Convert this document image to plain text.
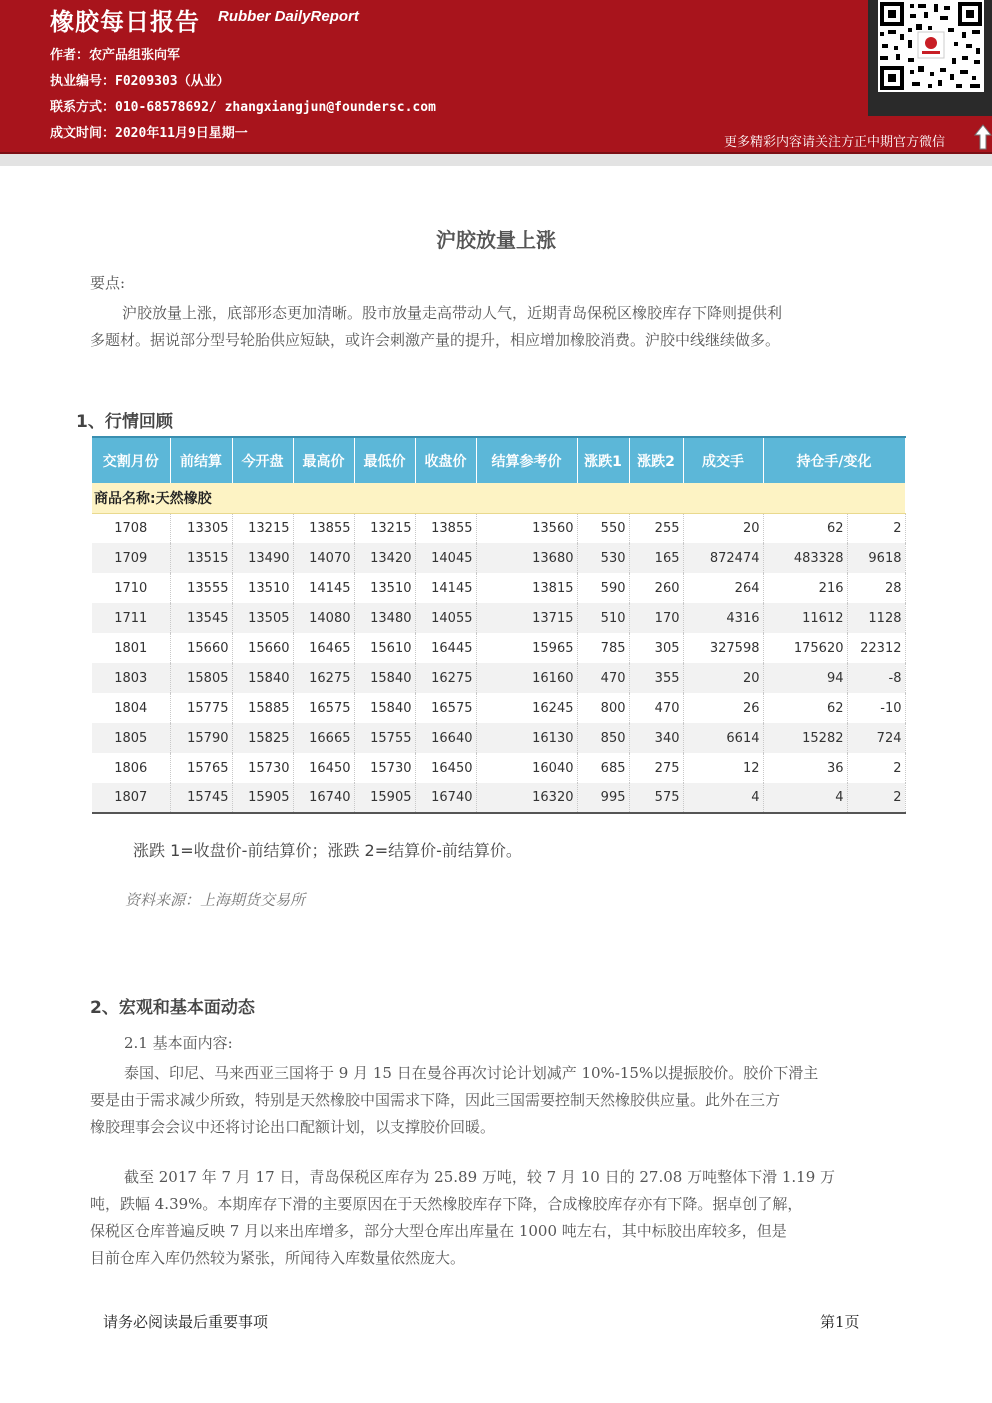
橡胶每日报告 Rubber DailyReport
作者：农产品组张向军
执业编号：F0209303（从业）
联系方式：010-68578692/ zhangxiangjun@foundersc.com
成文时间：2020年11月9日星期一
更多精彩内容请关注方正中期官方微信
沪胶放量上涨
要点:
沪胶放量上涨，底部形态更加清晰。股市放量走高带动人气，近期青岛保税区橡胶库存下降则提供利
多题材。据说部分型号轮胎供应短缺，或许会刺激产量的提升，相应增加橡胶消费。沪胶中线继续做多。
1、行情回顾
交割月份	前结算	今开盘	最高价	最低价	收盘价	结算参考价	涨跌1	涨跌2	成交手	持仓手/变化	
商品名称:天然橡胶											
1708	13305	13215	13855	13215	13855	13560	550	255	20	62	2
1709	13515	13490	14070	13420	14045	13680	530	165	872474	483328	9618
1710	13555	13510	14145	13510	14145	13815	590	260	264	216	28
1711	13545	13505	14080	13480	14055	13715	510	170	4316	11612	1128
1801	15660	15660	16465	15610	16445	15965	785	305	327598	175620	22312
1803	15805	15840	16275	15840	16275	16160	470	355	20	94	-8
1804	15775	15885	16575	15840	16575	16245	800	470	26	62	-10
1805	15790	15825	16665	15755	16640	16130	850	340	6614	15282	724
1806	15765	15730	16450	15730	16450	16040	685	275	12	36	2
1807	15745	15905	16740	15905	16740	16320	995	575	4	4	2
涨跌 1=收盘价-前结算价；涨跌 2=结算价-前结算价。
资料来源：上海期货交易所
2、宏观和基本面动态
2.1 基本面内容:
泰国、印尼、马来西亚三国将于 9 月 15 日在曼谷再次讨论计划减产 10%-15%以提振胶价。胶价下滑主
要是由于需求减少所致，特别是天然橡胶中国需求下降，因此三国需要控制天然橡胶供应量。此外在三方
橡胶理事会会议中还将讨论出口配额计划，以支撑胶价回暖。
截至 2017 年 7 月 17 日，青岛保税区库存为 25.89 万吨，较 7 月 10 日的 27.08 万吨整体下滑 1.19 万
吨，跌幅 4.39%。本期库存下滑的主要原因在于天然橡胶库存下降，合成橡胶库存亦有下降。据卓创了解，
保税区仓库普遍反映 7 月以来出库增多，部分大型仓库出库量在 1000 吨左右，其中标胶出库较多，但是
目前仓库入库仍然较为紧张，所闻待入库数量依然庞大。
请务必阅读最后重要事项	第1页
